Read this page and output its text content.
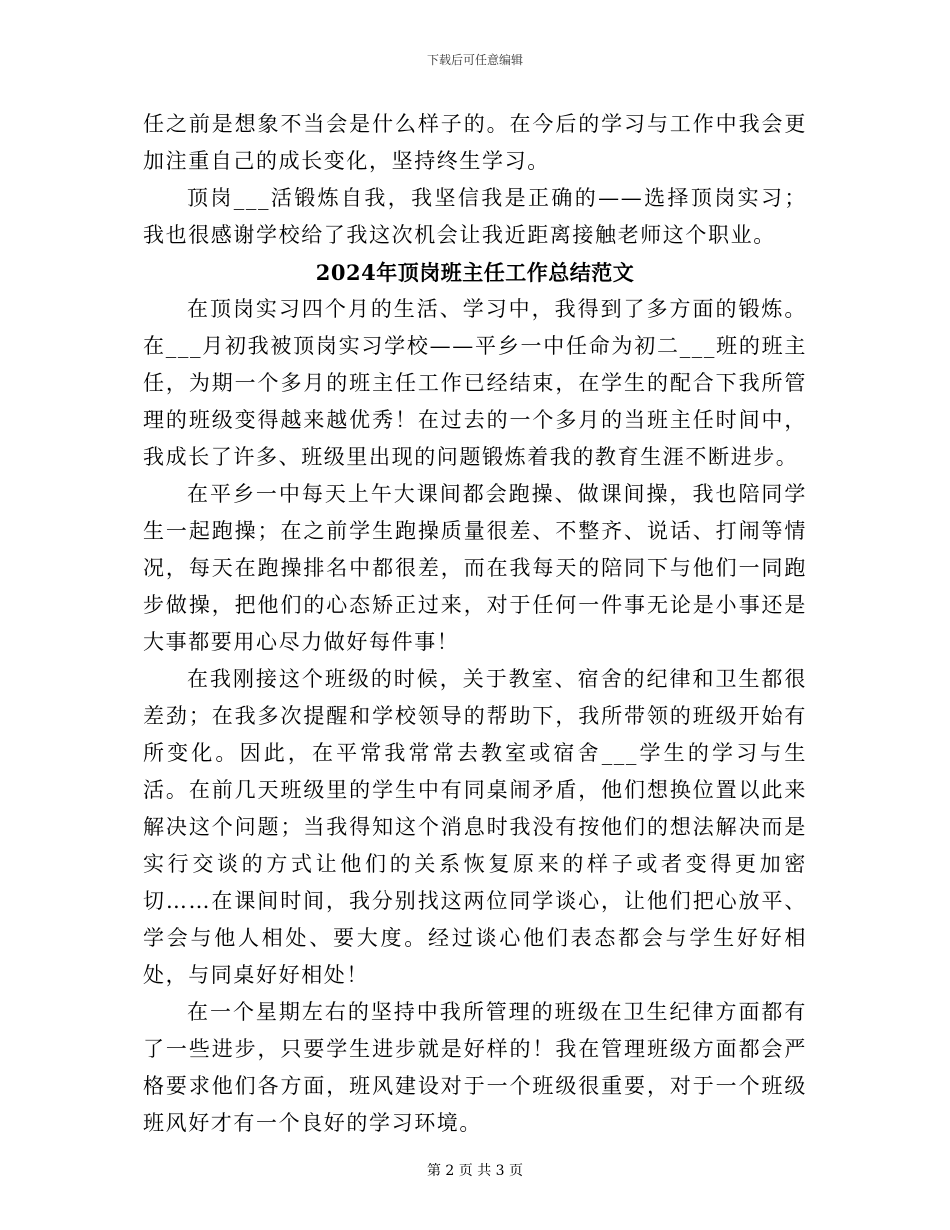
下载后可任意编辑

任之前是想象不当会是什么样子的。在今后的学习与工作中我会更加注重自己的成长变化，坚持终生学习。

顶岗___活锻炼自我，我坚信我是正确的——选择顶岗实习；我也很感谢学校给了我这次机会让我近距离接触老师这个职业。

2024年顶岗班主任工作总结范文

在顶岗实习四个月的生活、学习中，我得到了多方面的锻炼。在___月初我被顶岗实习学校——平乡一中任命为初二___班的班主任，为期一个多月的班主任工作已经结束，在学生的配合下我所管理的班级变得越来越优秀！在过去的一个多月的当班主任时间中，我成长了许多、班级里出现的问题锻炼着我的教育生涯不断进步。

在平乡一中每天上午大课间都会跑操、做课间操，我也陪同学生一起跑操；在之前学生跑操质量很差、不整齐、说话、打闹等情况，每天在跑操排名中都很差，而在我每天的陪同下与他们一同跑步做操，把他们的心态矫正过来，对于任何一件事无论是小事还是大事都要用心尽力做好每件事！

在我刚接这个班级的时候，关于教室、宿舍的纪律和卫生都很差劲；在我多次提醒和学校领导的帮助下，我所带领的班级开始有所变化。因此，在平常我常常去教室或宿舍___学生的学习与生活。在前几天班级里的学生中有同桌闹矛盾，他们想换位置以此来解决这个问题；当我得知这个消息时我没有按他们的想法解决而是实行交谈的方式让他们的关系恢复原来的样子或者变得更加密切……在课间时间，我分别找这两位同学谈心，让他们把心放平、学会与他人相处、要大度。经过谈心他们表态都会与学生好好相处，与同桌好好相处！

在一个星期左右的坚持中我所管理的班级在卫生纪律方面都有了一些进步，只要学生进步就是好样的！我在管理班级方面都会严格要求他们各方面，班风建设对于一个班级很重要，对于一个班级班风好才有一个良好的学习环境。

第 2 页 共 3 页
